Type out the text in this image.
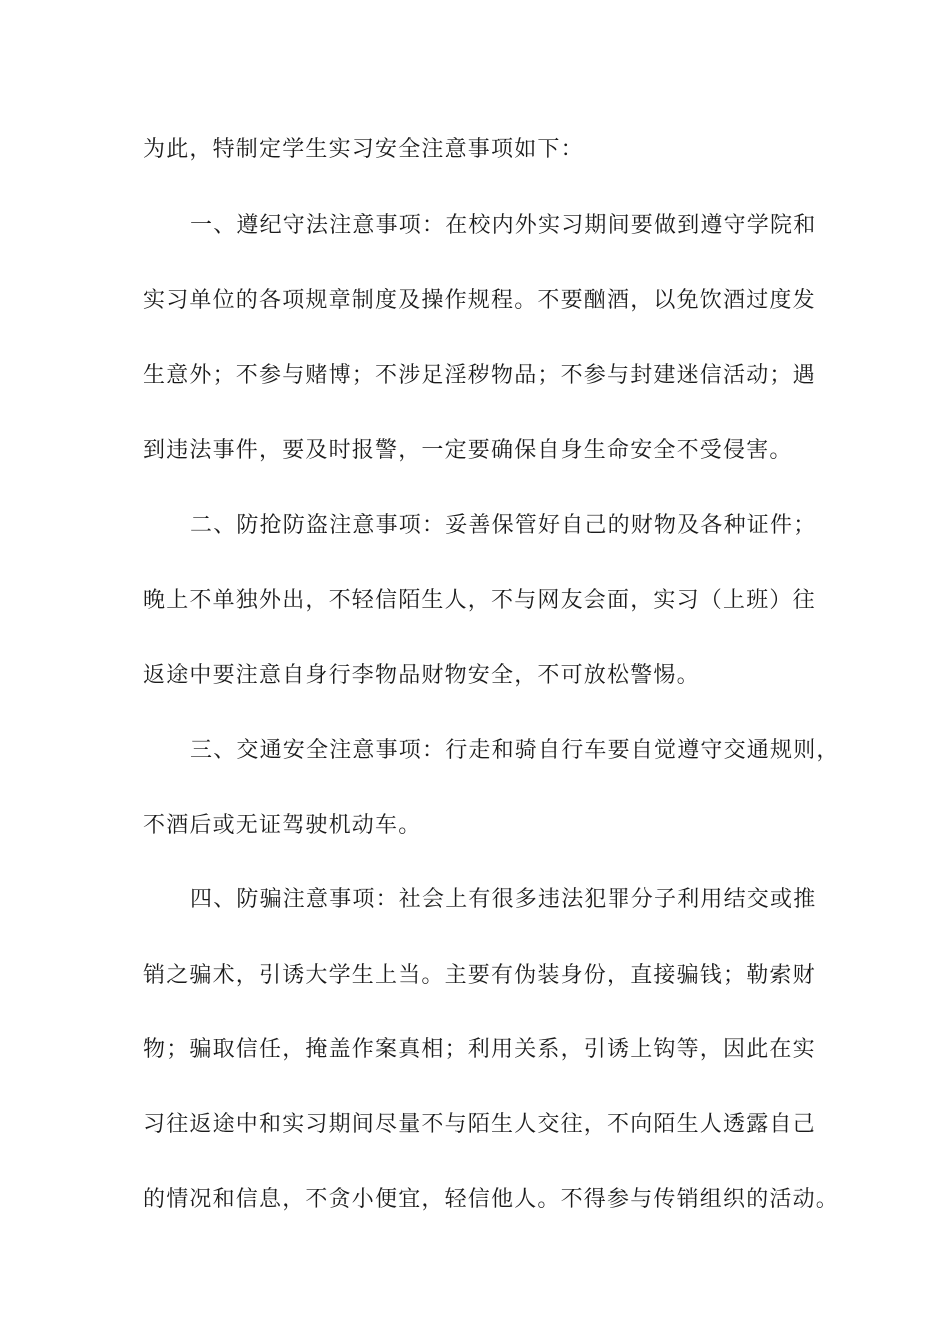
为此，特制定学生实习安全注意事项如下：
一、遵纪守法注意事项：在校内外实习期间要做到遵守学院和
实习单位的各项规章制度及操作规程。不要酗酒，以免饮酒过度发
生意外；不参与赌博；不涉足淫秽物品；不参与封建迷信活动；遇
到违法事件，要及时报警，一定要确保自身生命安全不受侵害。
二、防抢防盗注意事项：妥善保管好自己的财物及各种证件；
晚上不单独外出，不轻信陌生人，不与网友会面，实习（上班）往
返途中要注意自身行李物品财物安全，不可放松警惕。
三、交通安全注意事项：行走和骑自行车要自觉遵守交通规则，
不酒后或无证驾驶机动车。
四、防骗注意事项：社会上有很多违法犯罪分子利用结交或推
销之骗术，引诱大学生上当。主要有伪装身份，直接骗钱；勒索财
物；骗取信任，掩盖作案真相；利用关系，引诱上钩等，因此在实
习往返途中和实习期间尽量不与陌生人交往，不向陌生人透露自己
的情况和信息，不贪小便宜，轻信他人。不得参与传销组织的活动。
